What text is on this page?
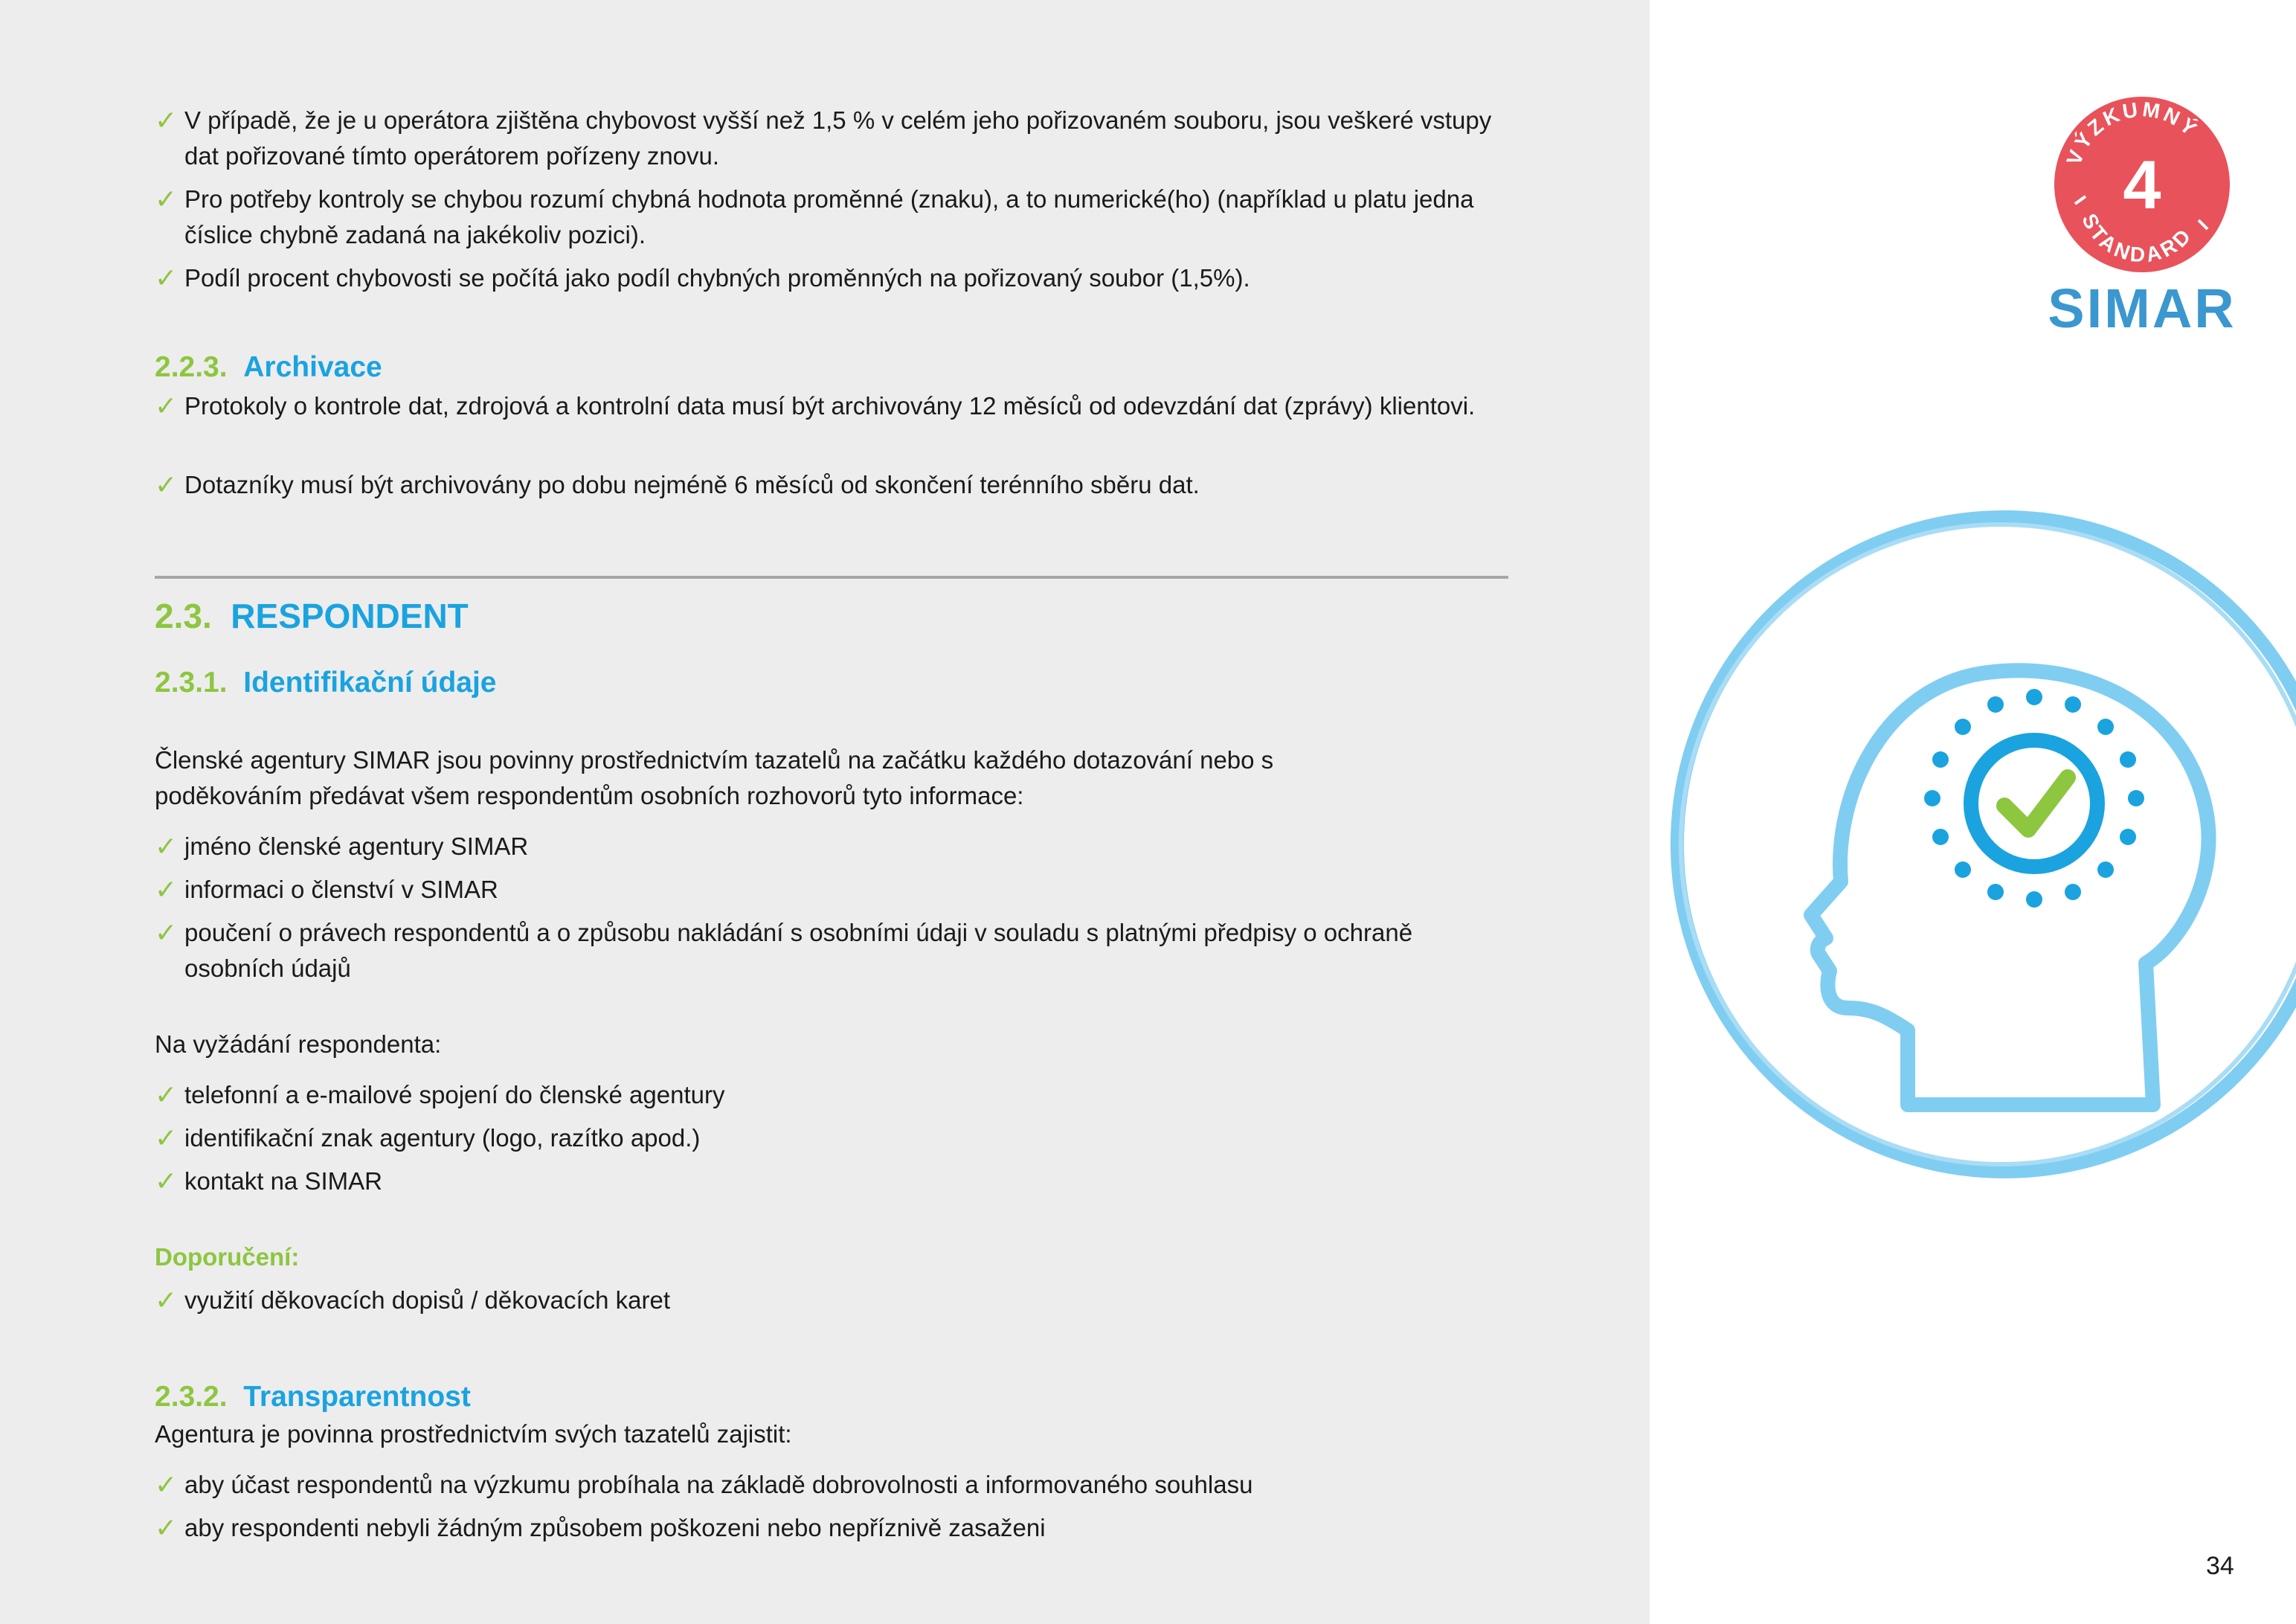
✓ V případě, že je u operátora zjištěna chybovost vyšší než 1,5 % v celém jeho pořizovaném souboru, jsou veškeré vstupy dat pořizované tímto operátorem pořízeny znovu.
✓ Pro potřeby kontroly se chybou rozumí chybná hodnota proměnné (znaku), a to numerické(ho) (například u platu jedna číslice chybně zadaná na jakékoliv pozici).
✓ Podíl procent chybovosti se počítá jako podíl chybných proměnných na pořizovaný soubor (1,5%).
2.2.3. Archivace
✓ Protokoly o kontrole dat, zdrojová a kontrolní data musí být archivovány 12 měsíců od odevzdání dat (zprávy) klientovi.
✓ Dotazníky musí být archivovány po dobu nejméně 6 měsíců od skončení terénního sběru dat.
2.3. RESPONDENT
2.3.1. Identifikační údaje
Členské agentury SIMAR jsou povinny prostřednictvím tazatelů na začátku každého dotazování nebo s poděkováním předávat všem respondentům osobních rozhovorů tyto informace:
✓ jméno členské agentury SIMAR
✓ informaci o členství v SIMAR
✓ poučení o právech respondentů a o způsobu nakládání s osobními údaji v souladu s platnými předpisy o ochraně osobních údajů
Na vyžádání respondenta:
✓ telefonní a e-mailové spojení do členské agentury
✓ identifikační znak agentury (logo, razítko apod.)
✓ kontakt na SIMAR
Doporučení:
✓ využití děkovacích dopisů / děkovacích karet
2.3.2. Transparentnost
Agentura je povinna prostřednictvím svých tazatelů zajistit:
✓ aby účast respondentů na výzkumu probíhala na základě dobrovolnosti a informovaného souhlasu
✓ aby respondenti nebyli žádným způsobem poškozeni nebo nepříznivě zasaženi
4
VÝZKUMNÝ
STANDARD
SIMAR
34
